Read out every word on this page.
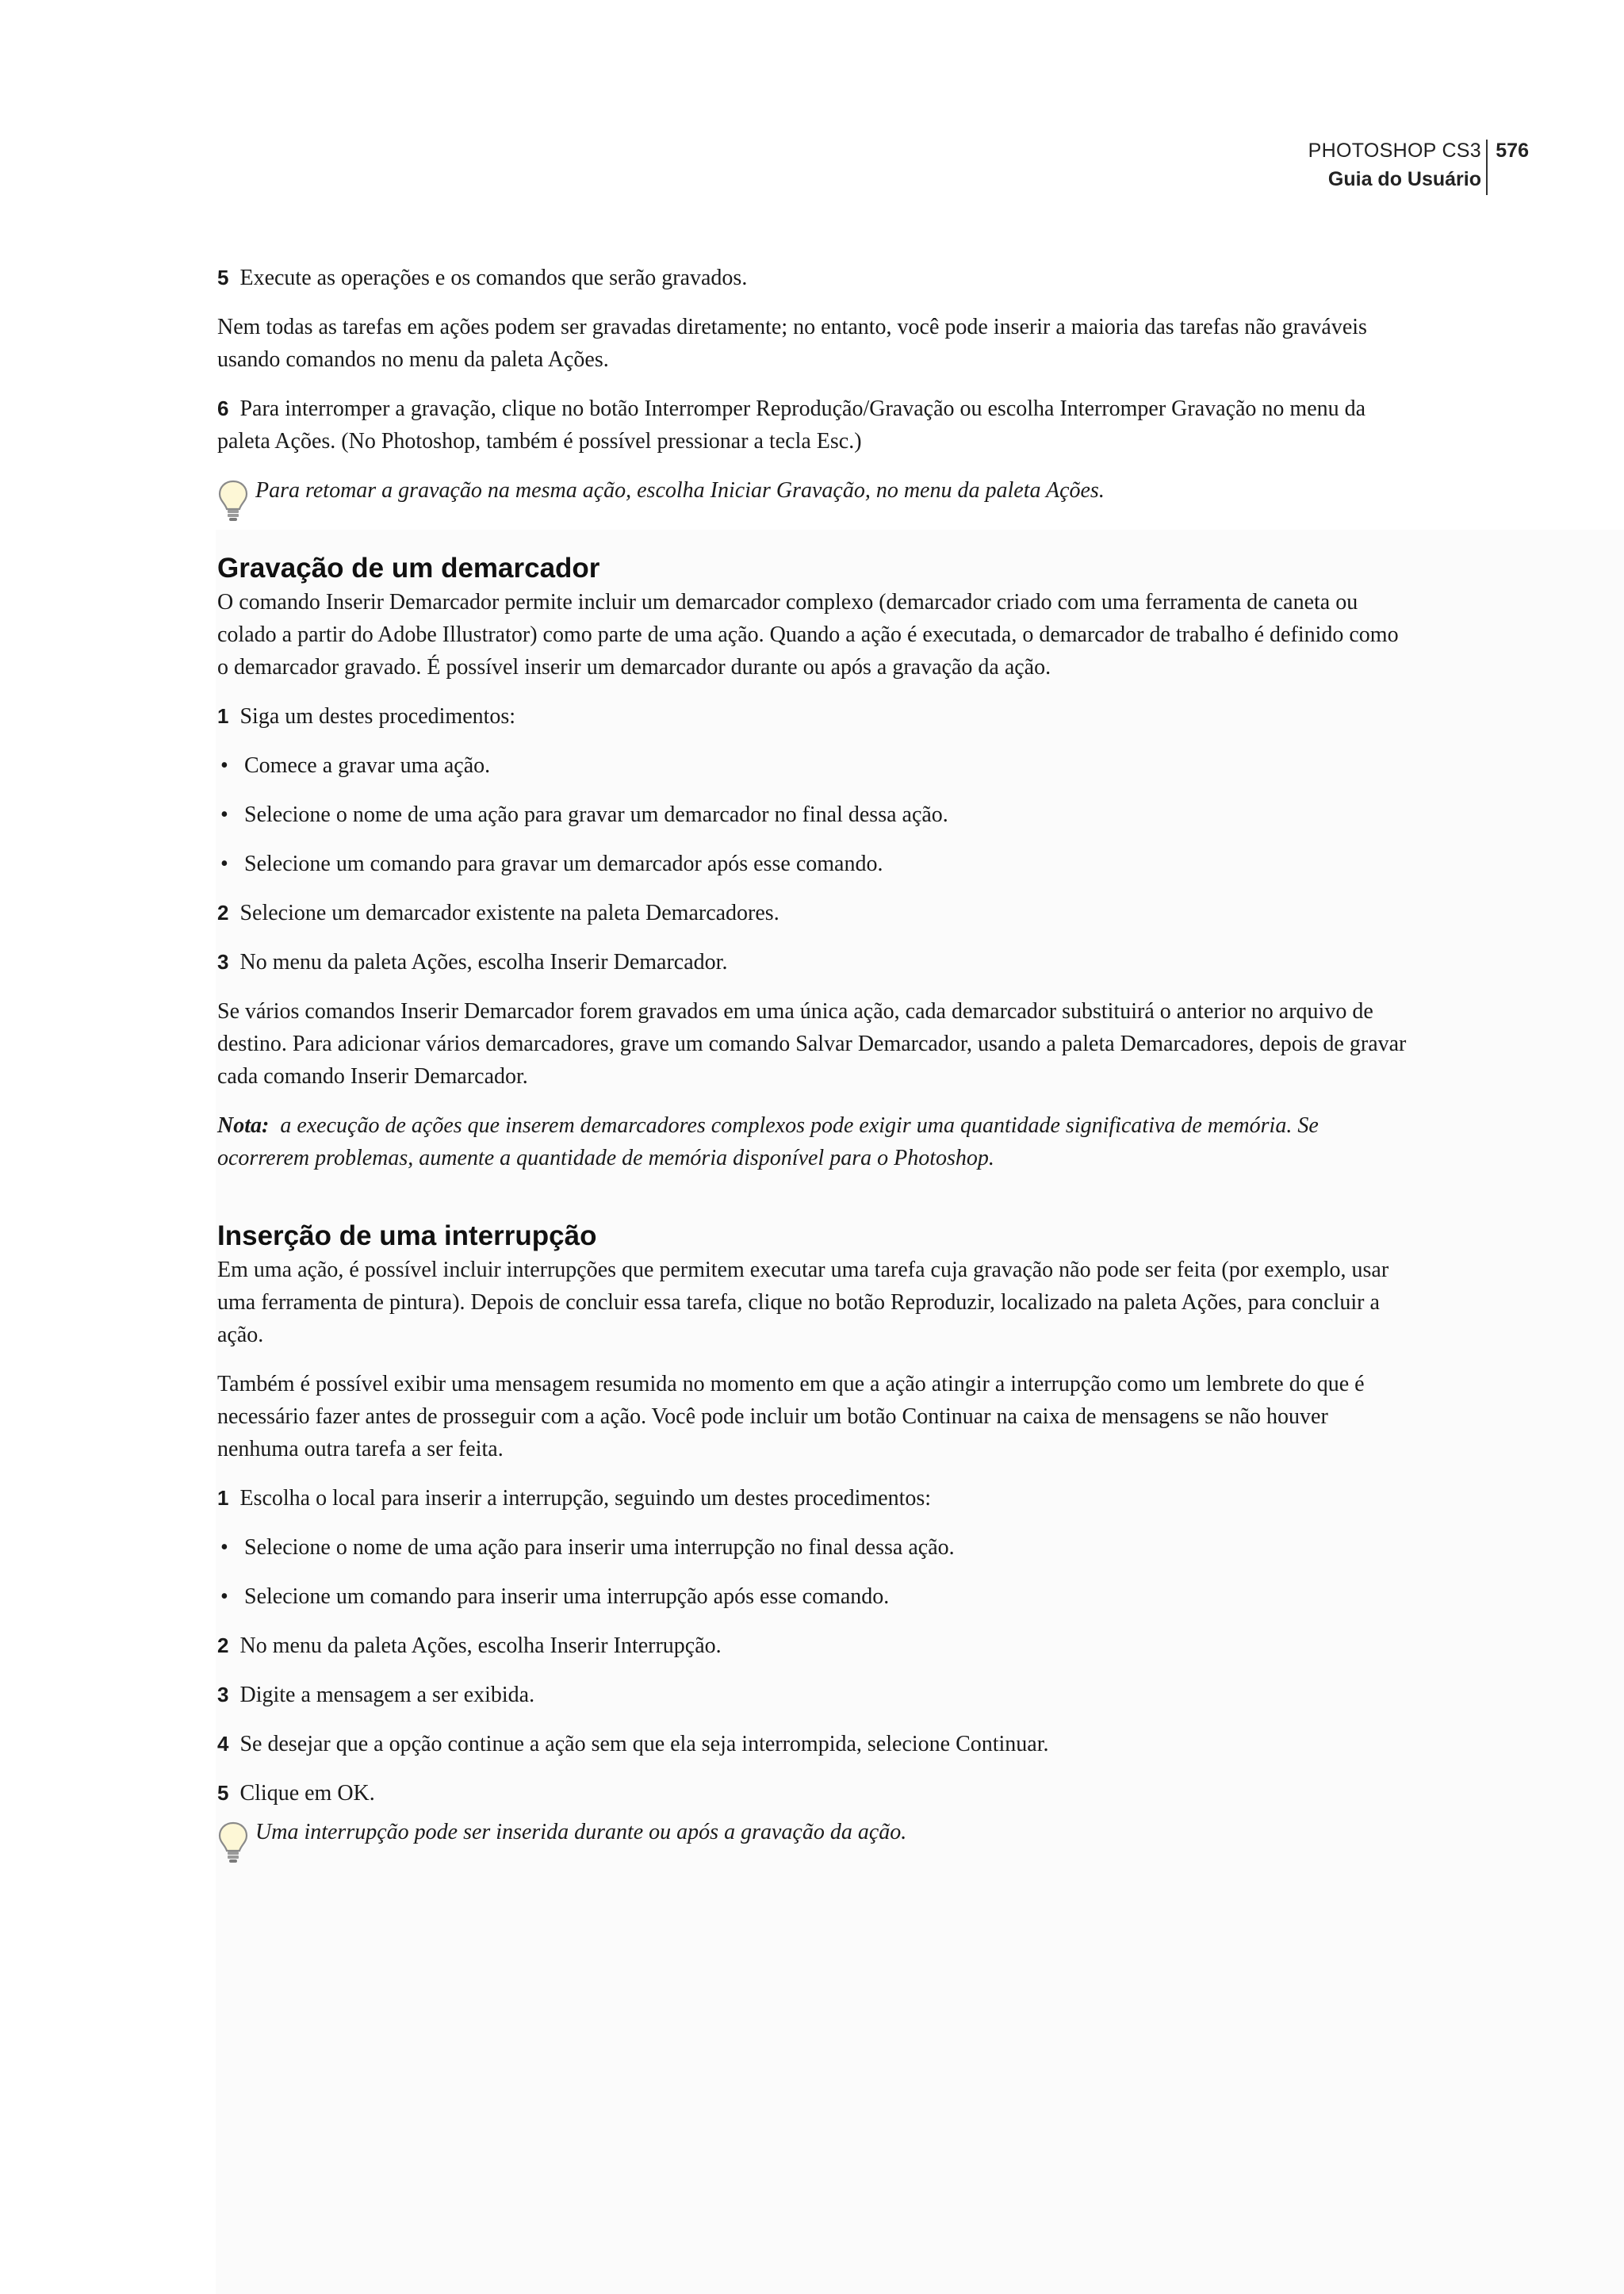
PHOTOSHOP CS3
Guia do Usuário
576

5 Execute as operações e os comandos que serão gravados.

Nem todas as tarefas em ações podem ser gravadas diretamente; no entanto, você pode inserir a maioria das tarefas não graváveis usando comandos no menu da paleta Ações.

6 Para interromper a gravação, clique no botão Interromper Reprodução/Gravação ou escolha Interromper Gravação no menu da paleta Ações. (No Photoshop, também é possível pressionar a tecla Esc.)

Para retomar a gravação na mesma ação, escolha Iniciar Gravação, no menu da paleta Ações.

Gravação de um demarcador

O comando Inserir Demarcador permite incluir um demarcador complexo (demarcador criado com uma ferramenta de caneta ou colado a partir do Adobe Illustrator) como parte de uma ação. Quando a ação é executada, o demarcador de trabalho é definido como o demarcador gravado. É possível inserir um demarcador durante ou após a gravação da ação.

1 Siga um destes procedimentos:

• Comece a gravar uma ação.

• Selecione o nome de uma ação para gravar um demarcador no final dessa ação.

• Selecione um comando para gravar um demarcador após esse comando.

2 Selecione um demarcador existente na paleta Demarcadores.

3 No menu da paleta Ações, escolha Inserir Demarcador.

Se vários comandos Inserir Demarcador forem gravados em uma única ação, cada demarcador substituirá o anterior no arquivo de destino. Para adicionar vários demarcadores, grave um comando Salvar Demarcador, usando a paleta Demarcadores, depois de gravar cada comando Inserir Demarcador.

Nota: a execução de ações que inserem demarcadores complexos pode exigir uma quantidade significativa de memória. Se ocorrerem problemas, aumente a quantidade de memória disponível para o Photoshop.

Inserção de uma interrupção

Em uma ação, é possível incluir interrupções que permitem executar uma tarefa cuja gravação não pode ser feita (por exemplo, usar uma ferramenta de pintura). Depois de concluir essa tarefa, clique no botão Reproduzir, localizado na paleta Ações, para concluir a ação.

Também é possível exibir uma mensagem resumida no momento em que a ação atingir a interrupção como um lembrete do que é necessário fazer antes de prosseguir com a ação. Você pode incluir um botão Continuar na caixa de mensagens se não houver nenhuma outra tarefa a ser feita.

1 Escolha o local para inserir a interrupção, seguindo um destes procedimentos:

• Selecione o nome de uma ação para inserir uma interrupção no final dessa ação.

• Selecione um comando para inserir uma interrupção após esse comando.

2 No menu da paleta Ações, escolha Inserir Interrupção.

3 Digite a mensagem a ser exibida.

4 Se desejar que a opção continue a ação sem que ela seja interrompida, selecione Continuar.

5 Clique em OK.

Uma interrupção pode ser inserida durante ou após a gravação da ação.
